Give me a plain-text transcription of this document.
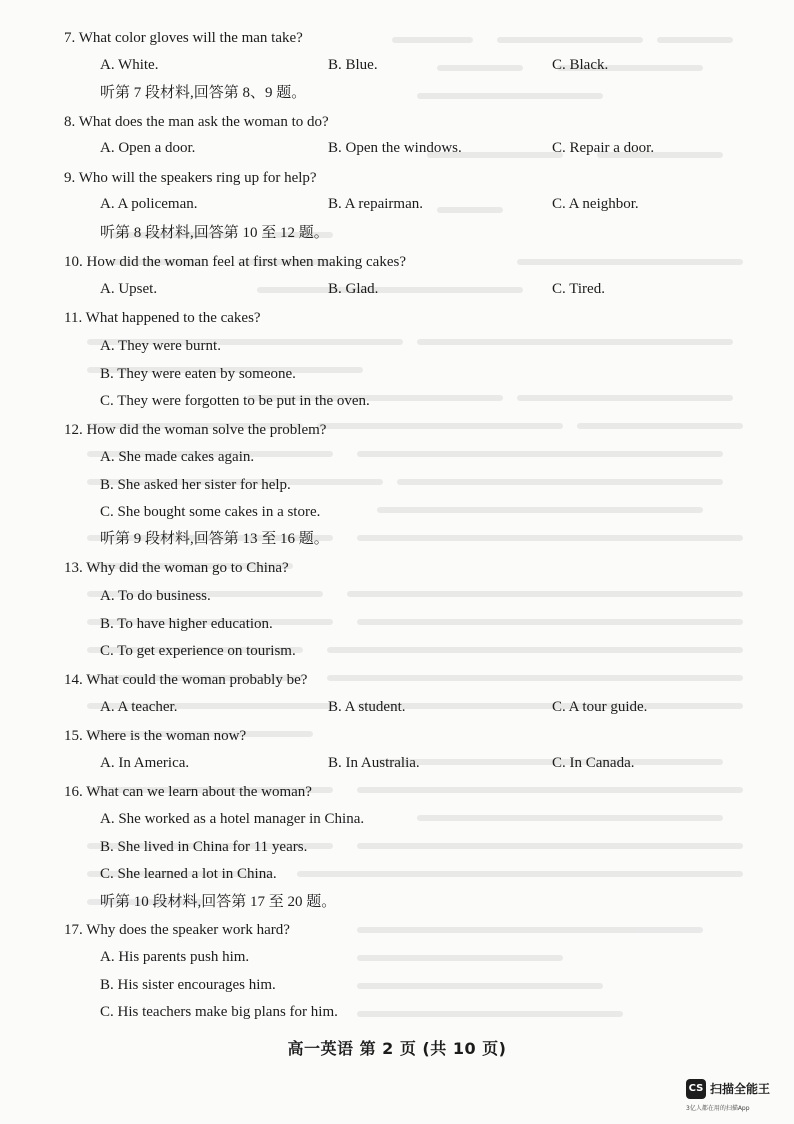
7. What color gloves will the man take?
A. White.	B. Blue.	C. Black.
听第 7 段材料,回答第 8、9 题。
8. What does the man ask the woman to do?
A. Open a door.	B. Open the windows.	C. Repair a door.
9. Who will the speakers ring up for help?
A. A policeman.	B. A repairman.	C. A neighbor.
听第 8 段材料,回答第 10 至 12 题。
10. How did the woman feel at first when making cakes?
A. Upset.	B. Glad.	C. Tired.
11. What happened to the cakes?
A. They were burnt.
B. They were eaten by someone.
C. They were forgotten to be put in the oven.
12. How did the woman solve the problem?
A. She made cakes again.
B. She asked her sister for help.
C. She bought some cakes in a store.
听第 9 段材料,回答第 13 至 16 题。
13. Why did the woman go to China?
A. To do business.
B. To have higher education.
C. To get experience on tourism.
14. What could the woman probably be?
A. A teacher.	B. A student.	C. A tour guide.
15. Where is the woman now?
A. In America.	B. In Australia.	C. In Canada.
16. What can we learn about the woman?
A. She worked as a hotel manager in China.
B. She lived in China for 11 years.
C. She learned a lot in China.
听第 10 段材料,回答第 17 至 20 题。
17. Why does the speaker work hard?
A. His parents push him.
B. His sister encourages him.
C. His teachers make big plans for him.
高一英语 第 2 页 (共 10 页)
CS 扫描全能王
3亿人都在用的扫描App
